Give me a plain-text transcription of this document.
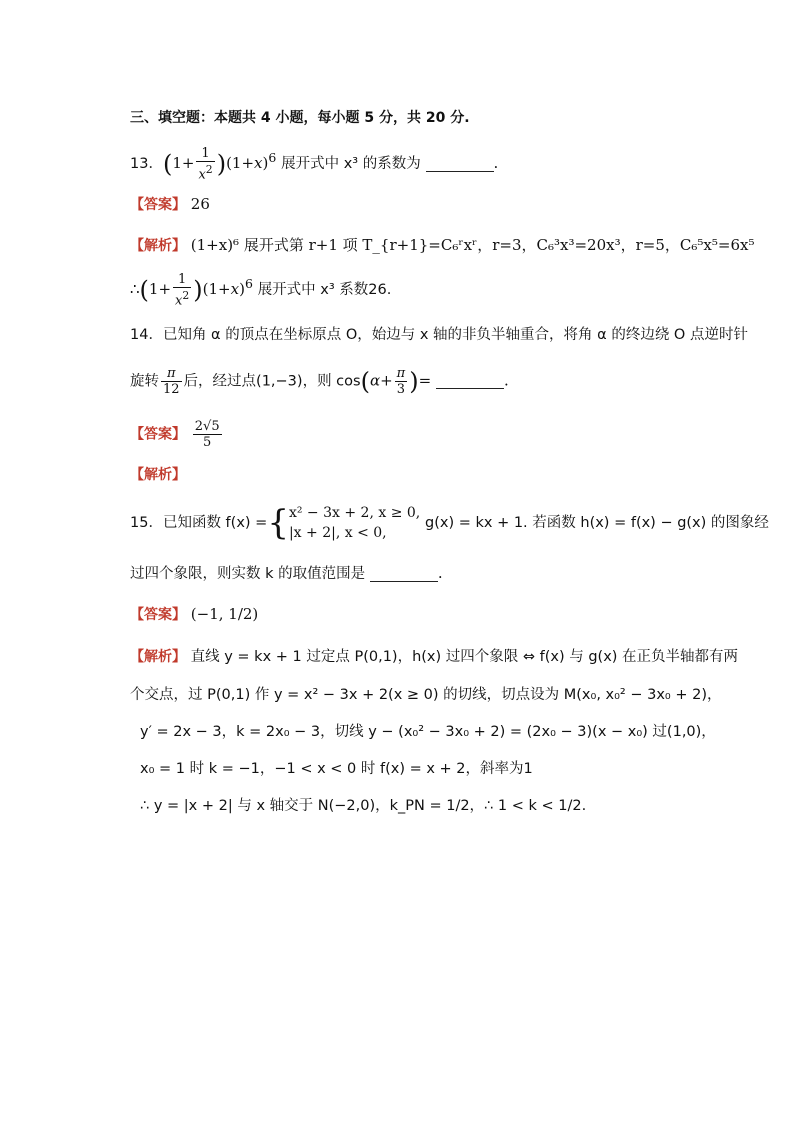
三、填空题：本题共 4 小题，每小题 5 分，共 20 分.
13．$(1+ \frac{1}{x^2} )(1+x)^6$ 展开式中 x³ 的系数为	.
【答案】 26
【解析】 (1+x)⁶ 展开式第 r+1 项 T_{r+1}=C₆ʳxʳ，r=3，C₆³x³=20x³，r=5，C₆⁵x⁵=6x⁵
∴(1+ $\frac{1}{x^2} )(1+x)^6$ 展开式中 x³ 系数26.
14．已知角 α 的顶点在坐标原点 O，始边与 x 轴的非负半轴重合，将角 α 的终边绕 O 点逆时针
旋转 $\frac{\pi}{12}$ 后，经过点(1,−3)，则 $\cos(\alpha+ \frac{\pi}{3}$ )=	.
【答案】 $\frac{2√5}{5}$
【解析】
15．已知函数 f(x) ={ x² − 3x + 2, x ≥ 0,
|x + 2|, x < 0,
g(x) = kx + 1. 若函数 h(x) = f(x) − g(x) 的图象经
过四个象限，则实数 k 的取值范围是	.
【答案】 (−1, 1/2)
【解析】 直线 y = kx + 1 过定点 P(0,1)，h(x) 过四个象限 ⇔ f(x) 与 g(x) 在正负半轴都有两
个交点，过 P(0,1) 作 y = x² − 3x + 2(x ≥ 0) 的切线，切点设为 M(x₀, x₀² − 3x₀ + 2)，
y′ = 2x − 3，k = 2x₀ − 3，切线 y − (x₀² − 3x₀ + 2) = (2x₀ − 3)(x − x₀) 过(1,0)，
x₀ = 1 时 k = −1，−1 < x < 0 时 f(x) = x + 2，斜率为1
∴ y = |x + 2| 与 x 轴交于 N(−2,0)，k_PN = 1/2，∴ 1 < k < 1/2.
